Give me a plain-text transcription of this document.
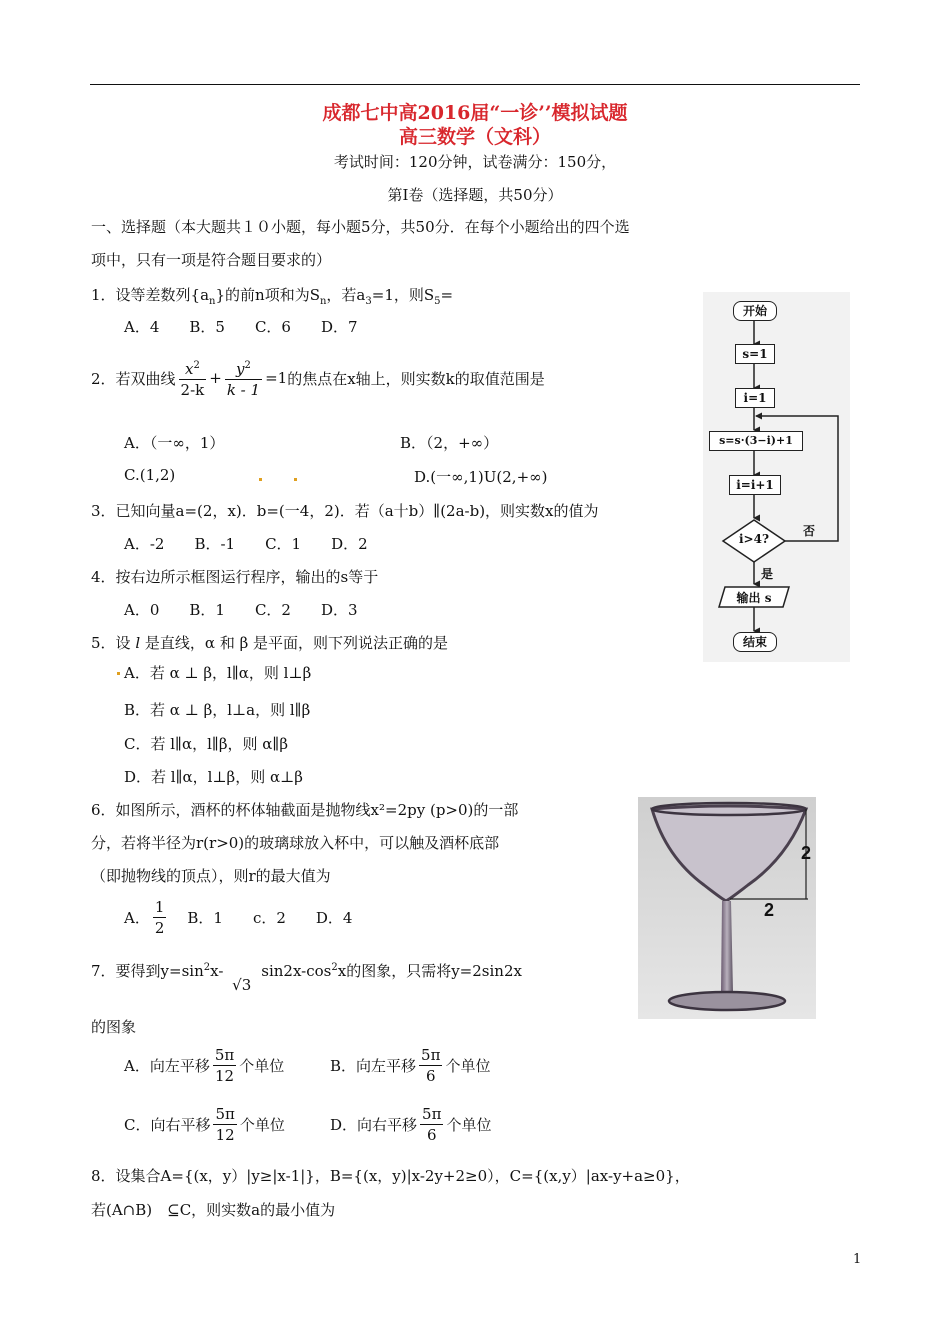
成都七中高2016届“一诊’’模拟试题
高三数学（文科）
考试时间：120分钟，试卷满分：150分，
第Ⅰ卷（选择题，共50分）
一、选择题（本大题共１０小题，每小题5分，共50分．在每个小题给出的四个选
项中，只有一项是符合题目要求的）
1．设等差数列$\{a_n\}$的前n项和为$S_n$，若$a_3=1$，则$S_5=$
A．4　　B．5　　C．6　　D．7
2．若双曲线 $\frac{x^2}{2-k} + \frac{y^2}{k - 1} =1$ 的焦点在x轴上，则实数k的取值范围是
A．（一∞，1）	B．（2，+∞）
C.(1,2)	D.(一∞,1)U(2,+∞)
3．已知向量a=(2，x)．b=(一4，2)．若（a十b）∥(2a-b)，则实数x的值为
A．-2　　B．-1　　C．1　　D．2
4．按右边所示框图运行程序，输出的s等于
A．0　　B．1　　C．2　　D．3
5．设 l 是直线，α 和 β 是平面，则下列说法正确的是
A．若 α ⊥ β，l∥α，则 l⊥β
B．若 α ⊥ β，l⊥a，则 l∥β
C．若 l∥α，l∥β，则 α∥β
D．若 l∥α，l⊥β，则 α⊥β
6．如图所示，酒杯的杯体轴截面是抛物线x²=2py (p>0)的一部
分，若将半径为r(r>0)的玻璃球放入杯中，可以触及酒杯底部
（即抛物线的顶点），则r的最大值为
A． $\frac{1}{2}$ B．1　　c．2　　D．4
7．要得到$y=\sin^2x-$ $√3\sin 2x-\cos^2x$的图象，只需将y=2sin2x
的图象
A．向左平移 $\frac{5\pi}{12}$ 个单位	B．向左平移 $\frac{5\pi}{6}$ 个单位
C．向右平移 $\frac{5\pi}{12}$ 个单位	D．向右平移 $\frac{5\pi}{6}$ 个单位
8．设集合A={(x，y）|y≥|x-1|}，B={(x，y)|x-2y+2≥0），C={(x,y）|ax-y+a≥0}，
若(A∩B)　⊆C，则实数a的最小值为
开始
s=1
i=1
s=s·(3−i)+1
i=i+1
i>4?
否
是
输出 s
结束
2
2
1
